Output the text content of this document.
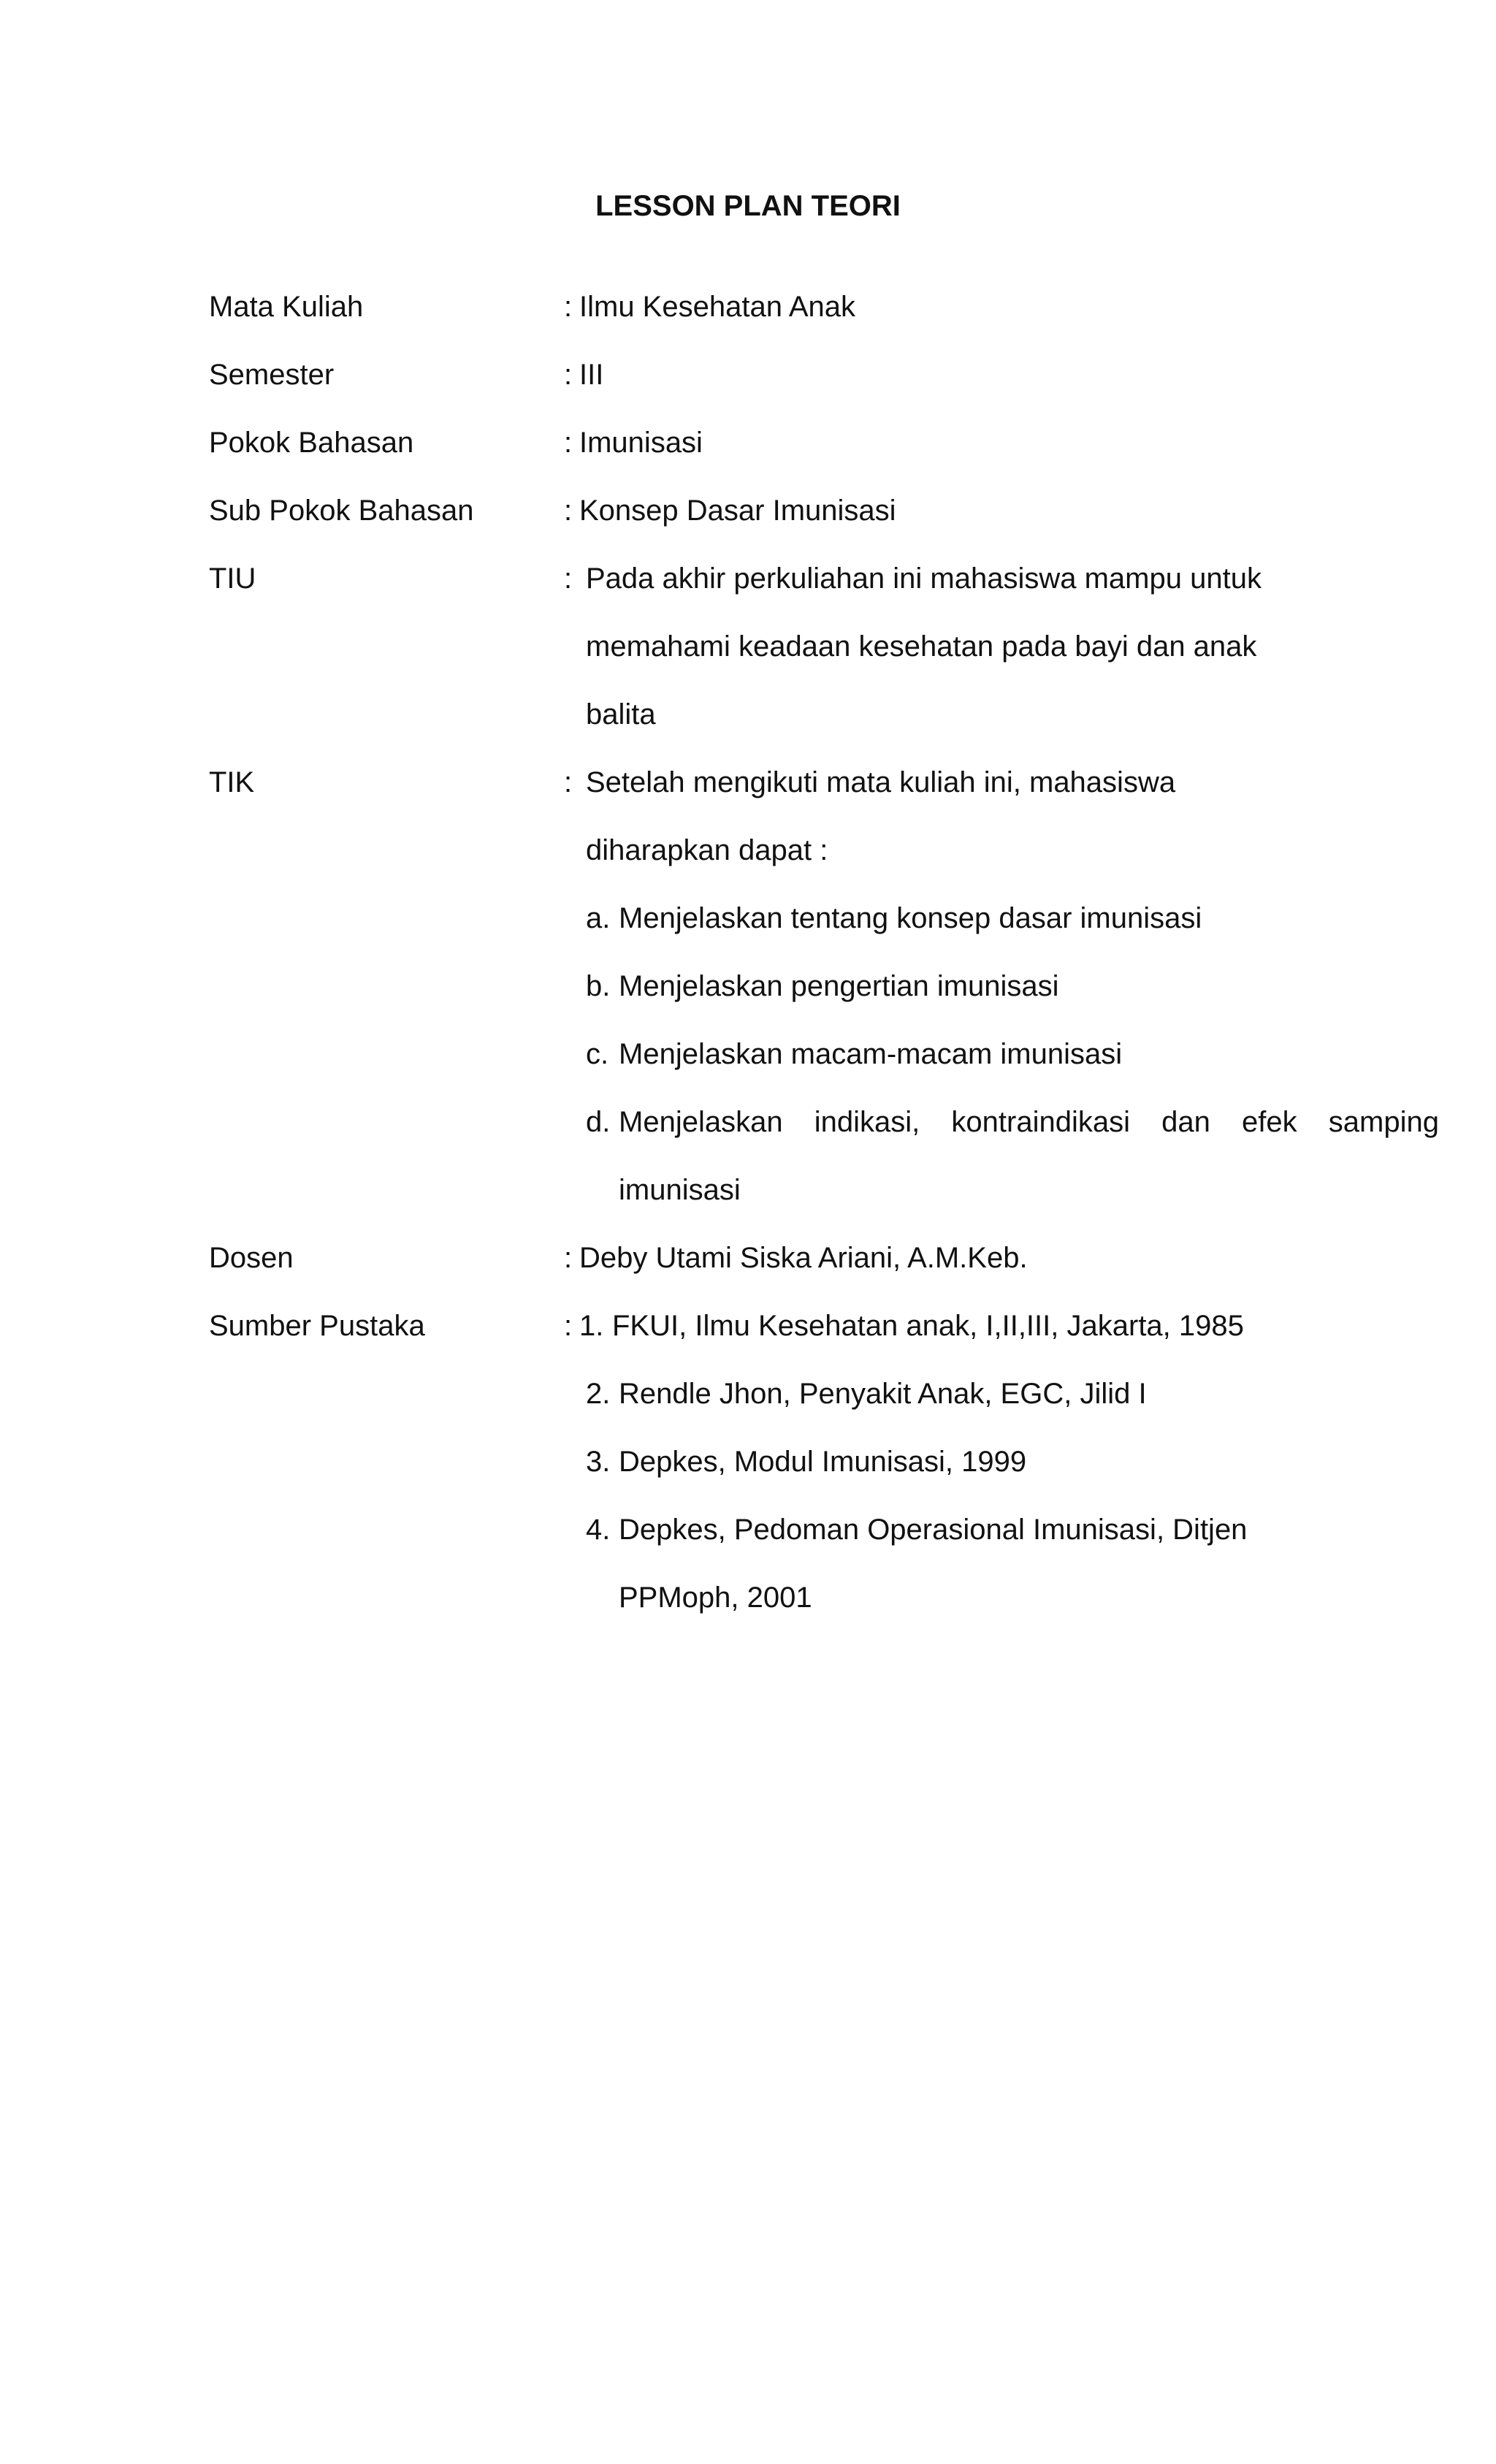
LESSON PLAN TEORI
Mata Kuliah	: Ilmu Kesehatan Anak
Semester	: III
Pokok Bahasan	: Imunisasi
Sub Pokok Bahasan	: Konsep Dasar Imunisasi
TIU	: Pada akhir perkuliahan ini mahasiswa mampu untuk
memahami keadaan kesehatan pada bayi dan anak
balita
TIK	: Setelah mengikuti mata kuliah ini, mahasiswa
diharapkan dapat :
a. Menjelaskan tentang konsep dasar imunisasi
b. Menjelaskan pengertian imunisasi
c. Menjelaskan macam-macam imunisasi
d. Menjelaskan indikasi, kontraindikasi dan efek samping
imunisasi
Dosen	: Deby Utami Siska Ariani, A.M.Keb.
Sumber Pustaka	: 1. FKUI, Ilmu Kesehatan anak, I,II,III, Jakarta, 1985
2. Rendle Jhon, Penyakit Anak, EGC, Jilid I
3. Depkes, Modul Imunisasi, 1999
4. Depkes, Pedoman Operasional Imunisasi, Ditjen
PPMoph, 2001
